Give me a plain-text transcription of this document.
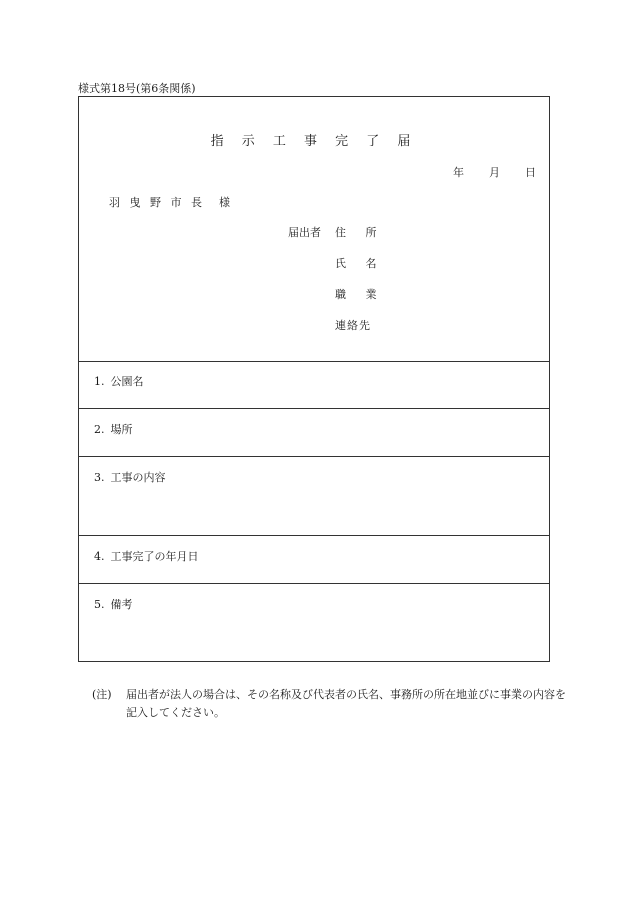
様式第18号(第6条関係)
指 示 工 事 完 了 届
年 月 日
羽 曳 野 市 長　様
届出者 住 所
氏 名
職 業
連絡先
1. 公園名
2. 場所
3. 工事の内容
4. 工事完了の年月日
5. 備考
(注) 届出者が法人の場合は、その名称及び代表者の氏名、事務所の所在地並びに事業の内容を記入してください。
